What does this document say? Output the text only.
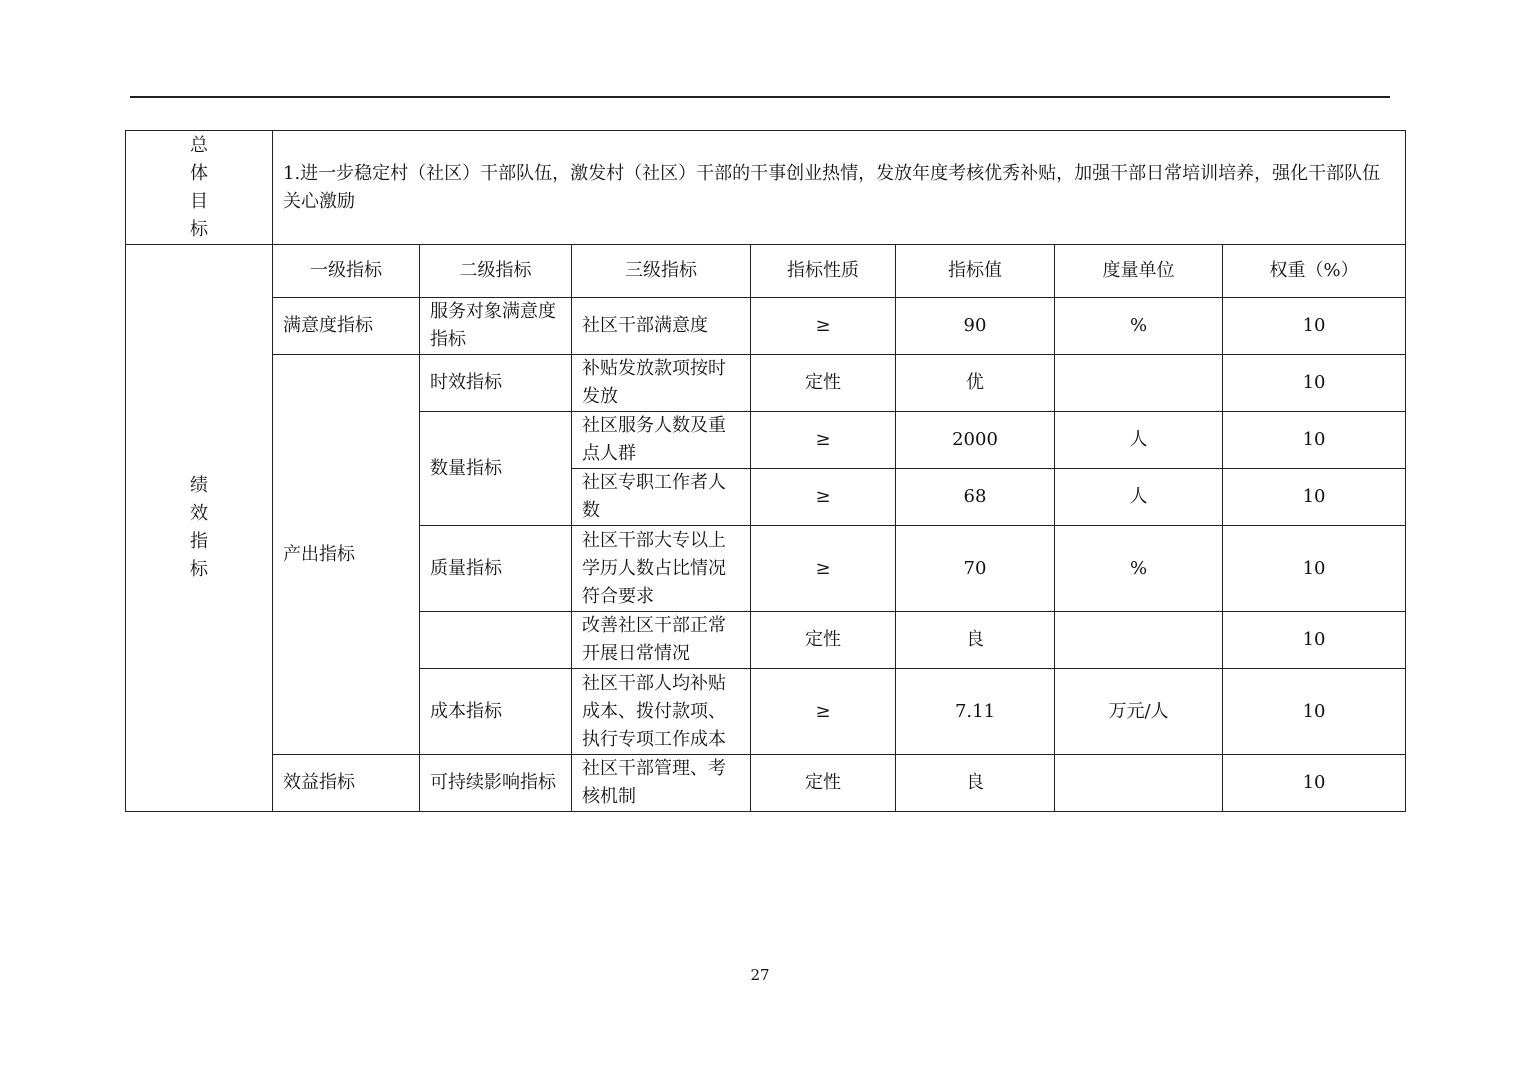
总
体
目
标	1.进一步稳定村（社区）干部队伍，激发村（社区）干部的干事创业热情，发放年度考核优秀补贴，加强干部日常培训培养，强化干部队伍关心激励						

绩
效
指
标	一级指标	二级指标	三级指标	指标性质	指标值	度量单位	权重（%）
	满意度指标	服务对象满意度指标	社区干部满意度	≥	90	%	10
	产出指标	时效指标	补贴发放款项按时发放	定性	优		10
		数量指标	社区服务人数及重点人群	≥	2000	人	10
			社区专职工作者人数	≥	68	人	10
		质量指标	社区干部大专以上学历人数占比情况符合要求	≥	70	%	10
			改善社区干部正常开展日常情况	定性	良		10
		成本指标	社区干部人均补贴成本、拨付款项、执行专项工作成本	≥	7.11	万元/人	10
	效益指标	可持续影响指标	社区干部管理、考核机制	定性	良		10
27
